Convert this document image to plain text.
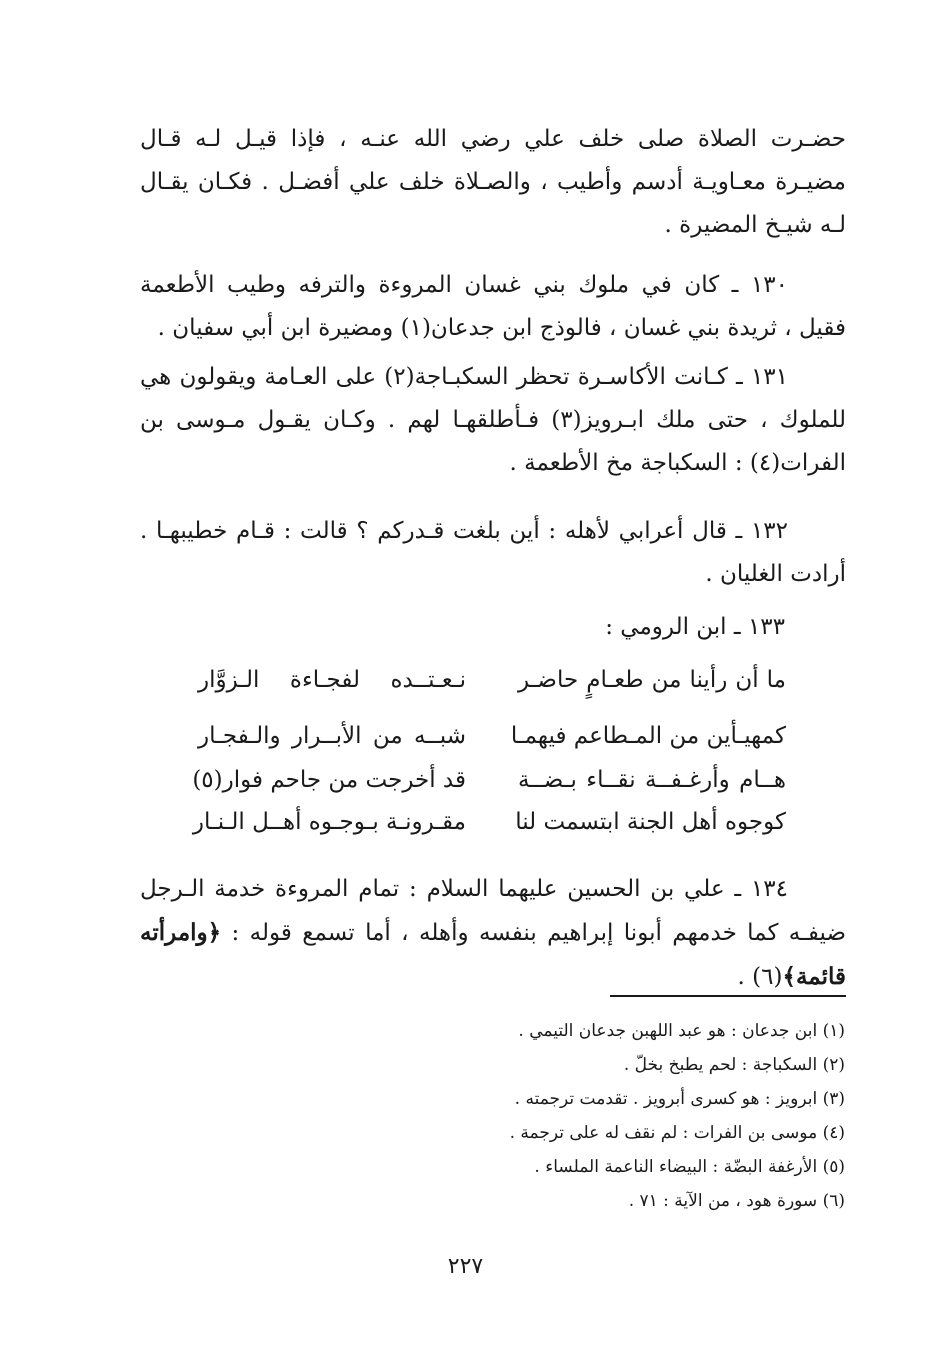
حضـرت الصلاة صلى خلف علي رضي الله عنـه ، فإذا قيـل لـه قـال مضيـرة معـاويـة أدسم وأطيب ، والصـلاة خلف علي أفضـل . فكـان يقـال لـه شيـخ المضيرة .
١٣٠ ـ كان في ملوك بني غسان المروءة والترفه وطيب الأطعمة فقيل ، ثريدة بني غسان ، فالوذج ابن جدعان(١) ومضيرة ابن أبي سفيان .
١٣١ ـ كـانت الأكاسـرة تحظر السكبـاجة(٢) على العـامة ويقولون هي للملوك ، حتى ملك ابـرويز(٣) فـأطلقهـا لهم . وكـان يقـول مـوسى بن الفرات(٤) : السكباجة مخ الأطعمة .
١٣٢ ـ قال أعرابي لأهله : أين بلغت قـدركم ؟ قالت : قـام خطيبهـا . أرادت الغليان .
١٣٣ ـ ابن الرومي :
ما أن رأينا من طعـامٍ حاضـر
نـعـتــده لفجـاءة الـزوَّار
كمهيـأين من المـطاعم فيهمـا
شبــه من الأبــرار والـفجـار
هــام وأرغـفــة نقــاء بـضــة
قد أخرجت من جاحم فوار(٥)
كوجوه أهل الجنة ابتسمت لنا
مقـرونـة بـوجـوه أهــل الـنـار
١٣٤ ـ علي بن الحسين عليهما السلام : تمام المروءة خدمة الـرجل ضيفـه كما خدمهم أبونا إبراهيم بنفسه وأهله ، أما تسمع قوله : ﴿وامرأته قائمة﴾(٦) .
(١) ابن جدعان : هو عبد اللهبن جدعان التيمي .
(٢) السكباجة : لحم يطبخ بخلّ .
(٣) ابرويز : هو كسرى أبرويز . تقدمت ترجمته .
(٤) موسى بن الفرات : لم نقف له على ترجمة .
(٥) الأرغفة البضّة : البيضاء الناعمة الملساء .
(٦) سورة هود ، من الآية : ٧١ .
٢٢٧
